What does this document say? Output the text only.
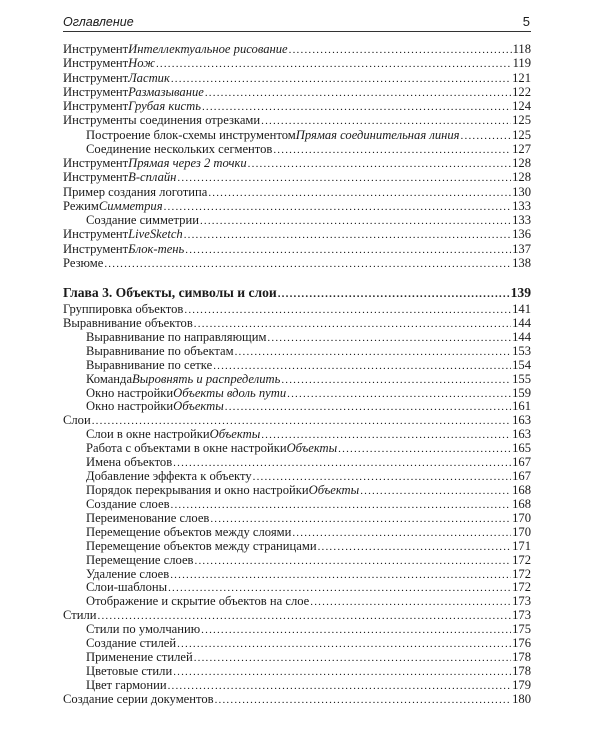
Оглавление	5
Инструмент Интеллектуальное рисование .....	118
Инструмент Нож .....	119
Инструмент Ластик .....	121
Инструмент Размазывание .....	122
Инструмент Грубая кисть .....	124
Инструменты соединения отрезками .....	125
Построение блок-схемы инструментом Прямая соединительная линия .....	125
Соединение нескольких сегментов .....	127
Инструмент Прямая через 2 точки .....	128
Инструмент B-сплайн .....	128
Пример создания логотипа .....	130
Режим Симметрия .....	133
Создание симметрии .....	133
Инструмент LiveSketch .....	136
Инструмент Блок-тень .....	137
Резюме .....	138
Глава 3. Объекты, символы и слои .....	139
Группировка объектов .....	141
Выравнивание объектов .....	144
Выравнивание по направляющим .....	144
Выравнивание по объектам .....	153
Выравнивание по сетке .....	154
Команда Выровнять и распределить .....	155
Окно настройки Объекты вдоль пути .....	159
Окно настройки Объекты .....	161
Слои .....	163
Слои в окне настройки Объекты .....	163
Работа с объектами в окне настройки Объекты .....	165
Имена объектов .....	167
Добавление эффекта к объекту .....	167
Порядок перекрывания и окно настройки Объекты .....	168
Создание слоев .....	168
Переименование слоев .....	170
Перемещение объектов между слоями .....	170
Перемещение объектов между страницами .....	171
Перемещение слоев .....	172
Удаление слоев .....	172
Слои-шаблоны .....	172
Отображение и скрытие объектов на слое .....	173
Стили .....	173
Стили по умолчанию .....	175
Создание стилей .....	176
Применение стилей .....	178
Цветовые стили .....	178
Цвет гармонии .....	179
Создание серии документов .....	180
